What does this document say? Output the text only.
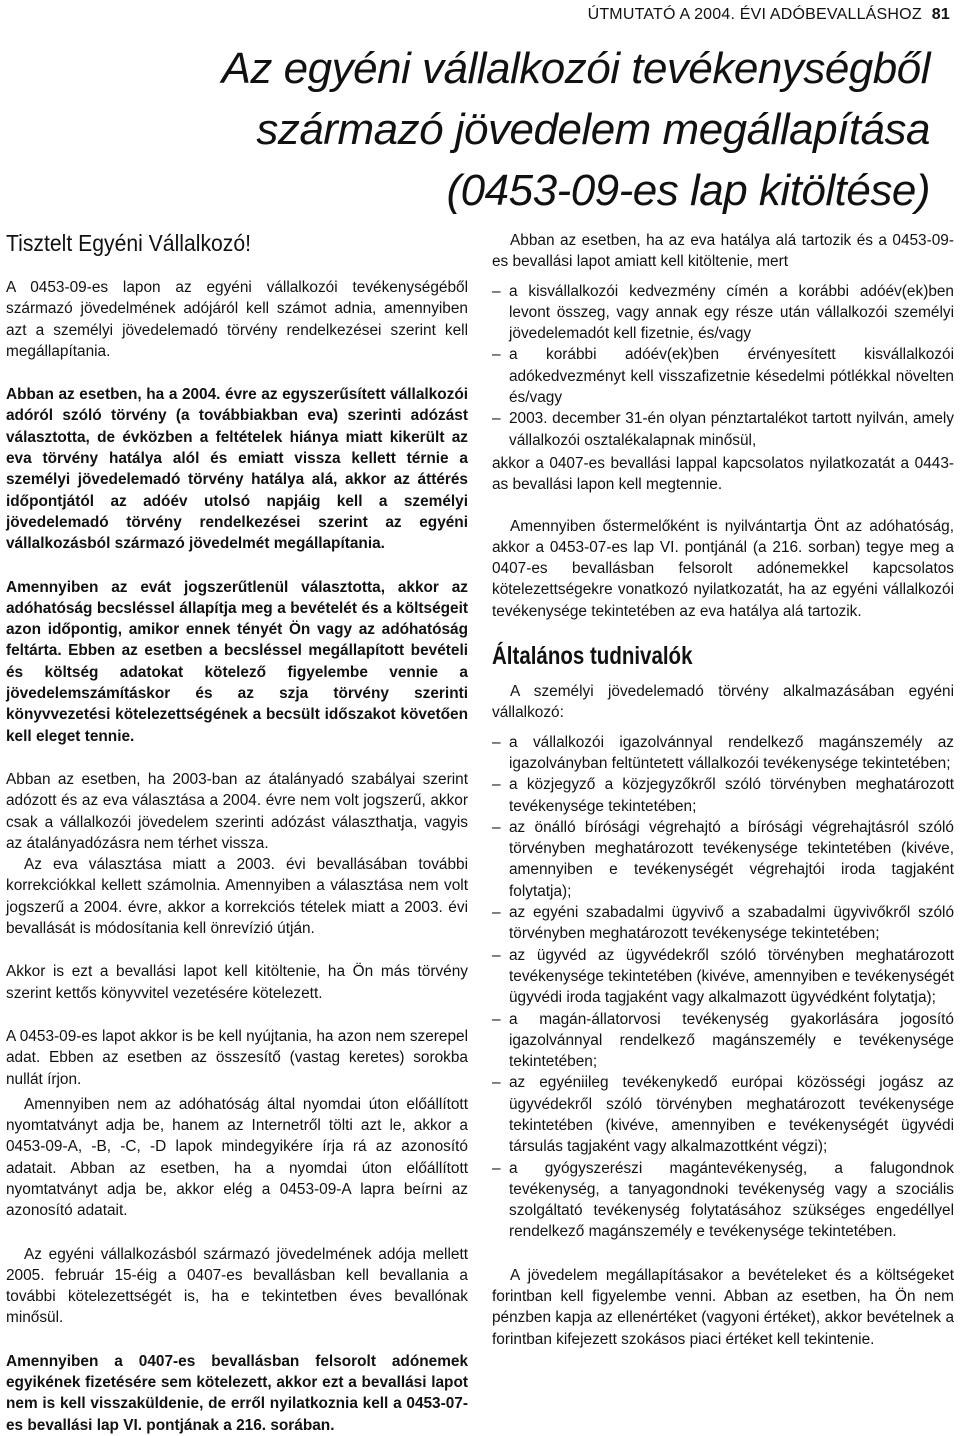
ÚTMUTATÓ A 2004. ÉVI ADÓBEVALLÁSHOZ 81
Az egyéni vállalkozói tevékenységből
származó jövedelem megállapítása
(0453-09-es lap kitöltése)
Tisztelt Egyéni Vállalkozó!

A 0453-09-es lapon az egyéni vállalkozói tevékenységéből származó jövedelmének adójáról kell számot adnia, amennyiben azt a személyi jövedelemadó törvény rendelkezései szerint kell megállapítania.

Abban az esetben, ha a 2004. évre az egyszerűsített vállalkozói adóról szóló törvény (a továbbiakban eva) szerinti adózást választotta, de évközben a feltételek hiánya miatt kikerült az eva törvény hatálya alól és emiatt vissza kellett térnie a személyi jövedelemadó törvény hatálya alá, akkor az áttérés időpontjától az adóév utolsó napjáig kell a személyi jövedelemadó törvény rendelkezései szerint az egyéni vállalkozásból származó jövedelmét megállapítania.

Amennyiben az evát jogszerűtlenül választotta, akkor az adóhatóság becsléssel állapítja meg a bevételét és a költségeit azon időpontig, amikor ennek tényét Ön vagy az adóhatóság feltárta. Ebben az esetben a becsléssel megállapított bevételi és költség adatokat kötelező figyelembe vennie a jövedelemszámításkor és az szja törvény szerinti könyvvezetési kötelezettségének a becsült időszakot követően kell eleget tennie.

Abban az esetben, ha 2003-ban az átalányadó szabályai szerint adózott és az eva választása a 2004. évre nem volt jogszerű, akkor csak a vállalkozói jövedelem szerinti adózást választhatja, vagyis az átalányadózásra nem térhet vissza.

Az eva választása miatt a 2003. évi bevallásában további korrekciókkal kellett számolnia. Amennyiben a választása nem volt jogszerű a 2004. évre, akkor a korrekciós tételek miatt a 2003. évi bevallását is módosítania kell önrevízió útján.

Akkor is ezt a bevallási lapot kell kitöltenie, ha Ön más törvény szerint kettős könyvvitel vezetésére kötelezett.

A 0453-09-es lapot akkor is be kell nyújtania, ha azon nem szerepel adat. Ebben az esetben az összesítő (vastag keretes) sorokba nullát írjon.

Amennyiben nem az adóhatóság által nyomdai úton előállított nyomtatványt adja be, hanem az Internetről tölti azt le, akkor a 0453-09-A, -B, -C, -D lapok mindegyikére írja rá az azonosító adatait. Abban az esetben, ha a nyomdai úton előállított nyomtatványt adja be, akkor elég a 0453-09-A lapra beírni az azonosító adatait.

Az egyéni vállalkozásból származó jövedelmének adója mellett 2005. február 15-éig a 0407-es bevallásban kell bevallania a további kötelezettségét is, ha e tekintetben éves bevallónak minősül.

Amennyiben a 0407-es bevallásban felsorolt adónemek egyikének fizetésére sem kötelezett, akkor ezt a bevallási lapot nem is kell visszaküldenie, de erről nyilatkoznia kell a 0453-07-es bevallási lap VI. pontjának a 216. sorában.

Abban az esetben, ha az eva hatálya alá tartozik és a 0453-09-es bevallási lapot amiatt kell kitöltenie, mert

– a kisvállalkozói kedvezmény címén a korábbi adóév(ek)ben levont összeg, vagy annak egy része után vállalkozói személyi jövedelemadót kell fizetnie, és/vagy
– a korábbi adóév(ek)ben érvényesített kisvállalkozói adókedvezményt kell visszafizetnie késedelmi pótlékkal növelten és/vagy
– 2003. december 31-én olyan pénztartalékot tartott nyilván, amely vállalkozói osztalékalapnak minősül,

akkor a 0407-es bevallási lappal kapcsolatos nyilatkozatát a 0443-as bevallási lapon kell megtennie.

Amennyiben őstermelőként is nyilvántartja Önt az adóhatóság, akkor a 0453-07-es lap VI. pontjánál (a 216. sorban) tegye meg a 0407-es bevallásban felsorolt adónemekkel kapcsolatos kötelezettségekre vonatkozó nyilatkozatát, ha az egyéni vállalkozói tevékenysége tekintetében az eva hatálya alá tartozik.

Általános tudnivalók

A személyi jövedelemadó törvény alkalmazásában egyéni vállalkozó:

– a vállalkozói igazolvánnyal rendelkező magánszemély az igazolványban feltüntetett vállalkozói tevékenysége tekintetében;
– a közjegyző a közjegyzőkről szóló törvényben meghatározott tevékenysége tekintetében;
– az önálló bírósági végrehajtó a bírósági végrehajtásról szóló törvényben meghatározott tevékenysége tekintetében (kivéve, amennyiben e tevékenységét végrehajtói iroda tagjaként folytatja);
– az egyéni szabadalmi ügyvivő a szabadalmi ügyvivőkről szóló törvényben meghatározott tevékenysége tekintetében;
– az ügyvéd az ügyvédekről szóló törvényben meghatározott tevékenysége tekintetében (kivéve, amennyiben e tevékenységét ügyvédi iroda tagjaként vagy alkalmazott ügyvédként folytatja);
– a magán-állatorvosi tevékenység gyakorlására jogosító igazolvánnyal rendelkező magánszemély e tevékenysége tekintetében;
– az egyéniileg tevékenykedő európai közösségi jogász az ügyvédekről szóló törvényben meghatározott tevékenysége tekintetében (kivéve, amennyiben e tevékenységét ügyvédi társulás tagjaként vagy alkalmazottként végzi);
– a gyógyszerészi magántevékenység, a falugondnok tevékenység, a tanyagondnoki tevékenység vagy a szociális szolgáltató tevékenység folytatásához szükséges engedéllyel rendelkező magánszemély e tevékenysége tekintetében.

A jövedelem megállapításakor a bevételeket és a költségeket forintban kell figyelembe venni. Abban az esetben, ha Ön nem pénzben kapja az ellenértéket (vagyoni értéket), akkor bevételnek a forintban kifejezett szokásos piaci értéket kell tekintenie.
